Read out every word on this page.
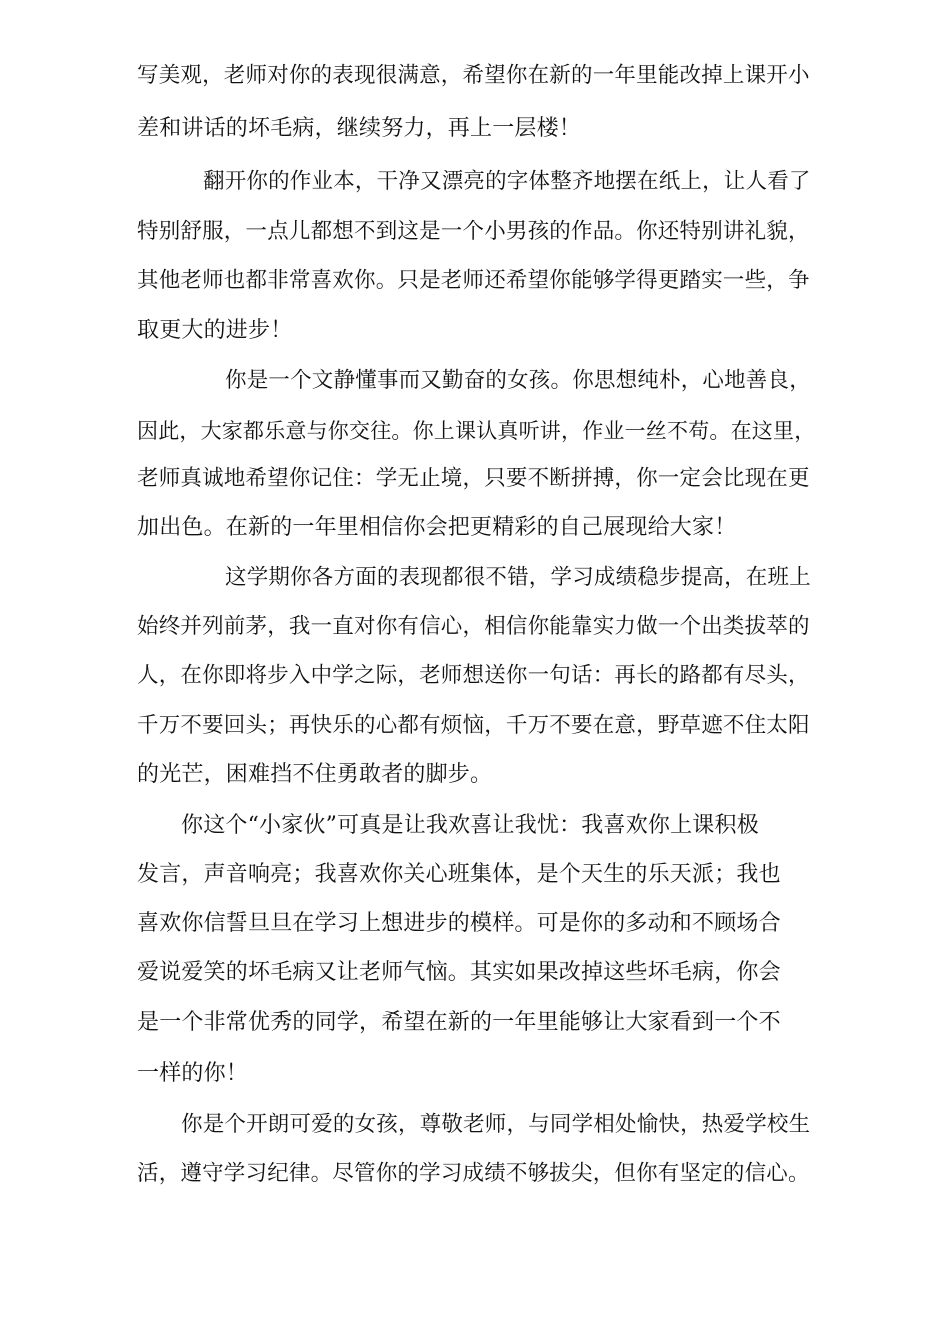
写美观，老师对你的表现很满意，希望你在新的一年里能改掉上课开小
差和讲话的坏毛病，继续努力，再上一层楼！
翻开你的作业本，干净又漂亮的字体整齐地摆在纸上，让人看了
特别舒服，一点儿都想不到这是一个小男孩的作品。你还特别讲礼貌，
其他老师也都非常喜欢你。只是老师还希望你能够学得更踏实一些，争
取更大的进步！
你是一个文静懂事而又勤奋的女孩。你思想纯朴，心地善良，
因此，大家都乐意与你交往。你上课认真听讲，作业一丝不苟。在这里，
老师真诚地希望你记住：学无止境，只要不断拼搏，你一定会比现在更
加出色。在新的一年里相信你会把更精彩的自己展现给大家！
这学期你各方面的表现都很不错，学习成绩稳步提高，在班上
始终并列前茅，我一直对你有信心，相信你能靠实力做一个出类拔萃的
人，在你即将步入中学之际，老师想送你一句话：再长的路都有尽头，
千万不要回头；再快乐的心都有烦恼，千万不要在意，野草遮不住太阳
的光芒，困难挡不住勇敢者的脚步。
你这个“小家伙”可真是让我欢喜让我忧：我喜欢你上课积极
发言，声音响亮；我喜欢你关心班集体，是个天生的乐天派；我也
喜欢你信誓旦旦在学习上想进步的模样。可是你的多动和不顾场合
爱说爱笑的坏毛病又让老师气恼。其实如果改掉这些坏毛病，你会
是一个非常优秀的同学，希望在新的一年里能够让大家看到一个不
一样的你！
你是个开朗可爱的女孩，尊敬老师，与同学相处愉快，热爱学校生
活，遵守学习纪律。尽管你的学习成绩不够拔尖，但你有坚定的信心。
